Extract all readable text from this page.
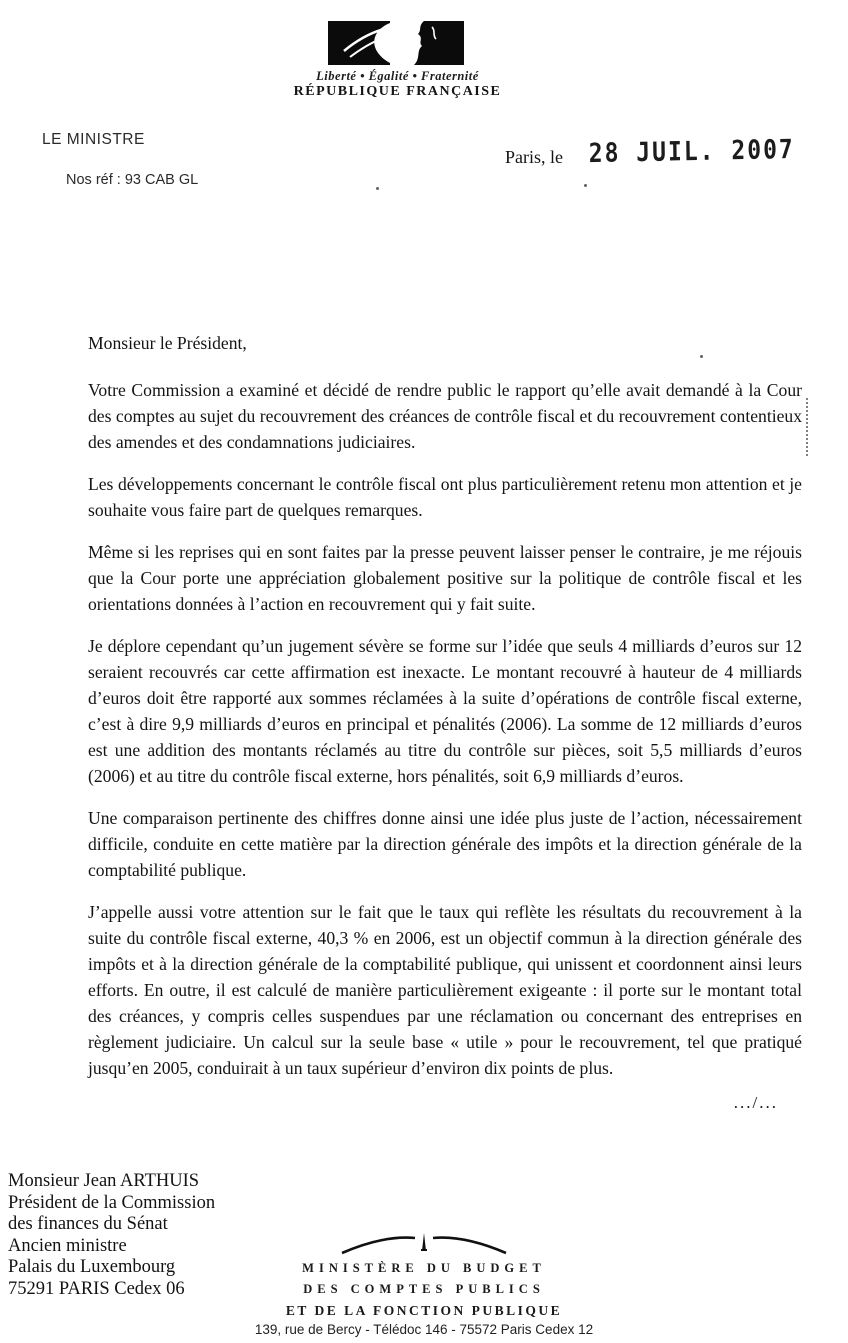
Liberté • Égalité • Fraternité
RÉPUBLIQUE FRANÇAISE
LE MINISTRE
Nos réf : 93 CAB GL
Paris, le 28 JUIL. 2007

Monsieur le Président,

Votre Commission a examiné et décidé de rendre public le rapport qu’elle avait demandé à la Cour des comptes au sujet du recouvrement des créances de contrôle fiscal et du recouvrement contentieux des amendes et des condamnations judiciaires.

Les développements concernant le contrôle fiscal ont plus particulièrement retenu mon attention et je souhaite vous faire part de quelques remarques.

Même si les reprises qui en sont faites par la presse peuvent laisser penser le contraire, je me réjouis que la Cour porte une appréciation globalement positive sur la politique de contrôle fiscal et les orientations données à l’action en recouvrement qui y fait suite.

Je déplore cependant qu’un jugement sévère se forme sur l’idée que seuls 4 milliards d’euros sur 12 seraient recouvrés car cette affirmation est inexacte. Le montant recouvré à hauteur de 4 milliards d’euros doit être rapporté aux sommes réclamées à la suite d’opérations de contrôle fiscal externe, c’est à dire 9,9 milliards d’euros en principal et pénalités (2006). La somme de 12 milliards d’euros est une addition des montants réclamés au titre du contrôle sur pièces, soit 5,5 milliards d’euros (2006) et au titre du contrôle fiscal externe, hors pénalités, soit 6,9 milliards d’euros.

Une comparaison pertinente des chiffres donne ainsi une idée plus juste de l’action, nécessairement difficile, conduite en cette matière par la direction générale des impôts et la direction générale de la comptabilité publique.

J’appelle aussi votre attention sur le fait que le taux qui reflète les résultats du recouvrement à la suite du contrôle fiscal externe, 40,3 % en 2006, est un objectif commun à la direction générale des impôts et à la direction générale de la comptabilité publique, qui unissent et coordonnent ainsi leurs efforts. En outre, il est calculé de manière particulièrement exigeante : il porte sur le montant total des créances, y compris celles suspendues par une réclamation ou concernant des entreprises en règlement judiciaire. Un calcul sur la seule base « utile » pour le recouvrement, tel que pratiqué jusqu’en 2005, conduirait à un taux supérieur d’environ dix points de plus.

.../...
Monsieur Jean ARTHUIS
Président de la Commission
des finances du Sénat
Ancien ministre
Palais du Luxembourg
75291 PARIS Cedex 06
MINISTÈRE DU BUDGET
DES COMPTES PUBLICS
ET DE LA FONCTION PUBLIQUE
139, rue de Bercy - Télédoc 146 - 75572 Paris Cedex 12
